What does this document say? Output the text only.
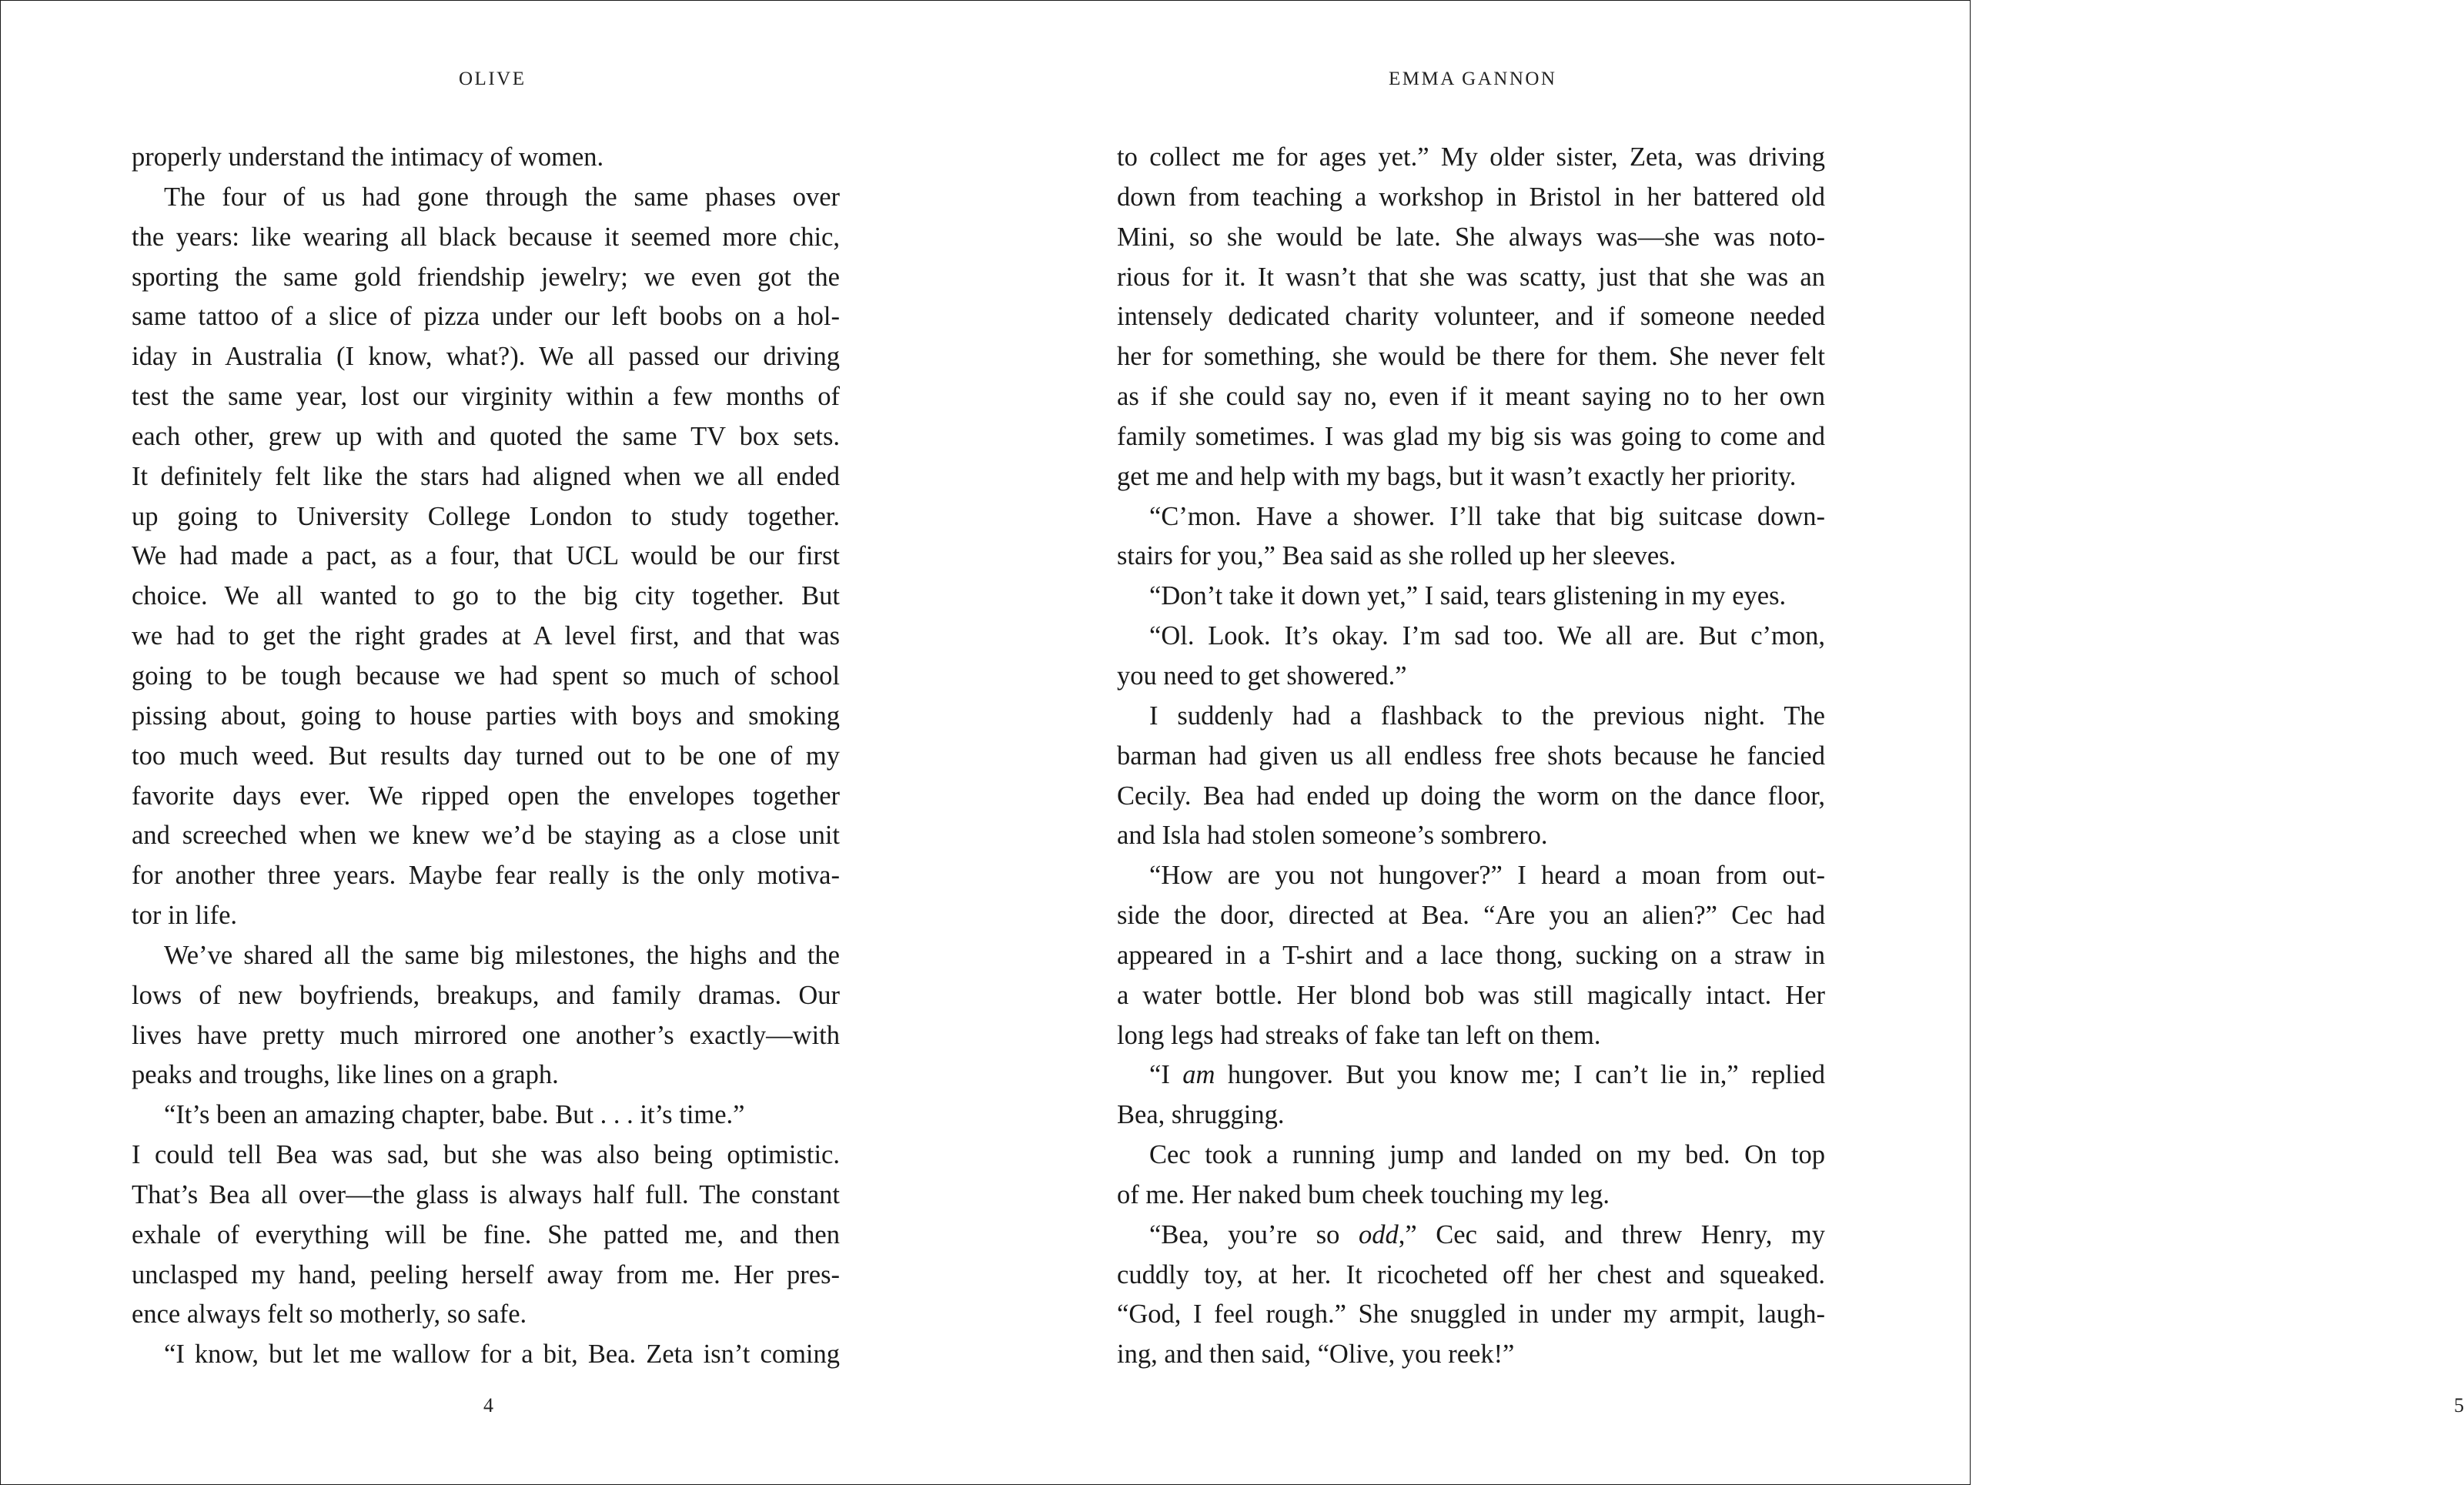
OLIVE
properly understand the intimacy of women.
The four of us had gone through the same phases over
the years: like wearing all black because it seemed more chic,
sporting the same gold friendship jewelry; we even got the
same tattoo of a slice of pizza under our left boobs on a hol-
iday in Australia (I know, what?). We all passed our driving
test the same year, lost our virginity within a few months of
each other, grew up with and quoted the same TV box sets.
It definitely felt like the stars had aligned when we all ended
up going to University College London to study together.
We had made a pact, as a four, that UCL would be our first
choice. We all wanted to go to the big city together. But
we had to get the right grades at A level first, and that was
going to be tough because we had spent so much of school
pissing about, going to house parties with boys and smoking
too much weed. But results day turned out to be one of my
favorite days ever. We ripped open the envelopes together
and screeched when we knew we’d be staying as a close unit
for another three years. Maybe fear really is the only motiva-
tor in life.
We’ve shared all the same big milestones, the highs and the
lows of new boyfriends, breakups, and family dramas. Our
lives have pretty much mirrored one another’s exactly—with
peaks and troughs, like lines on a graph.
“It’s been an amazing chapter, babe. But . . . it’s time.”
I could tell Bea was sad, but she was also being optimistic.
That’s Bea all over—the glass is always half full. The constant
exhale of everything will be fine. She patted me, and then
unclasped my hand, peeling herself away from me. Her pres-
ence always felt so motherly, so safe.
“I know, but let me wallow for a bit, Bea. Zeta isn’t coming
4
EMMA GANNON
to collect me for ages yet.” My older sister, Zeta, was driving
down from teaching a workshop in Bristol in her battered old
Mini, so she would be late. She always was—she was noto-
rious for it. It wasn’t that she was scatty, just that she was an
intensely dedicated charity volunteer, and if someone needed
her for something, she would be there for them. She never felt
as if she could say no, even if it meant saying no to her own
family sometimes. I was glad my big sis was going to come and
get me and help with my bags, but it wasn’t exactly her priority.
“C’mon. Have a shower. I’ll take that big suitcase down-
stairs for you,” Bea said as she rolled up her sleeves.
“Don’t take it down yet,” I said, tears glistening in my eyes.
“Ol. Look. It’s okay. I’m sad too. We all are. But c’mon,
you need to get showered.”
I suddenly had a flashback to the previous night. The
barman had given us all endless free shots because he fancied
Cecily. Bea had ended up doing the worm on the dance floor,
and Isla had stolen someone’s sombrero.
“How are you not hungover?” I heard a moan from out-
side the door, directed at Bea. “Are you an alien?” Cec had
appeared in a T-shirt and a lace thong, sucking on a straw in
a water bottle. Her blond bob was still magically intact. Her
long legs had streaks of fake tan left on them.
“I am hungover. But you know me; I can’t lie in,” replied
Bea, shrugging.
Cec took a running jump and landed on my bed. On top
of me. Her naked bum cheek touching my leg.
“Bea, you’re so odd,” Cec said, and threw Henry, my
cuddly toy, at her. It ricocheted off her chest and squeaked.
“God, I feel rough.” She snuggled in under my armpit, laugh-
ing, and then said, “Olive, you reek!”
5
